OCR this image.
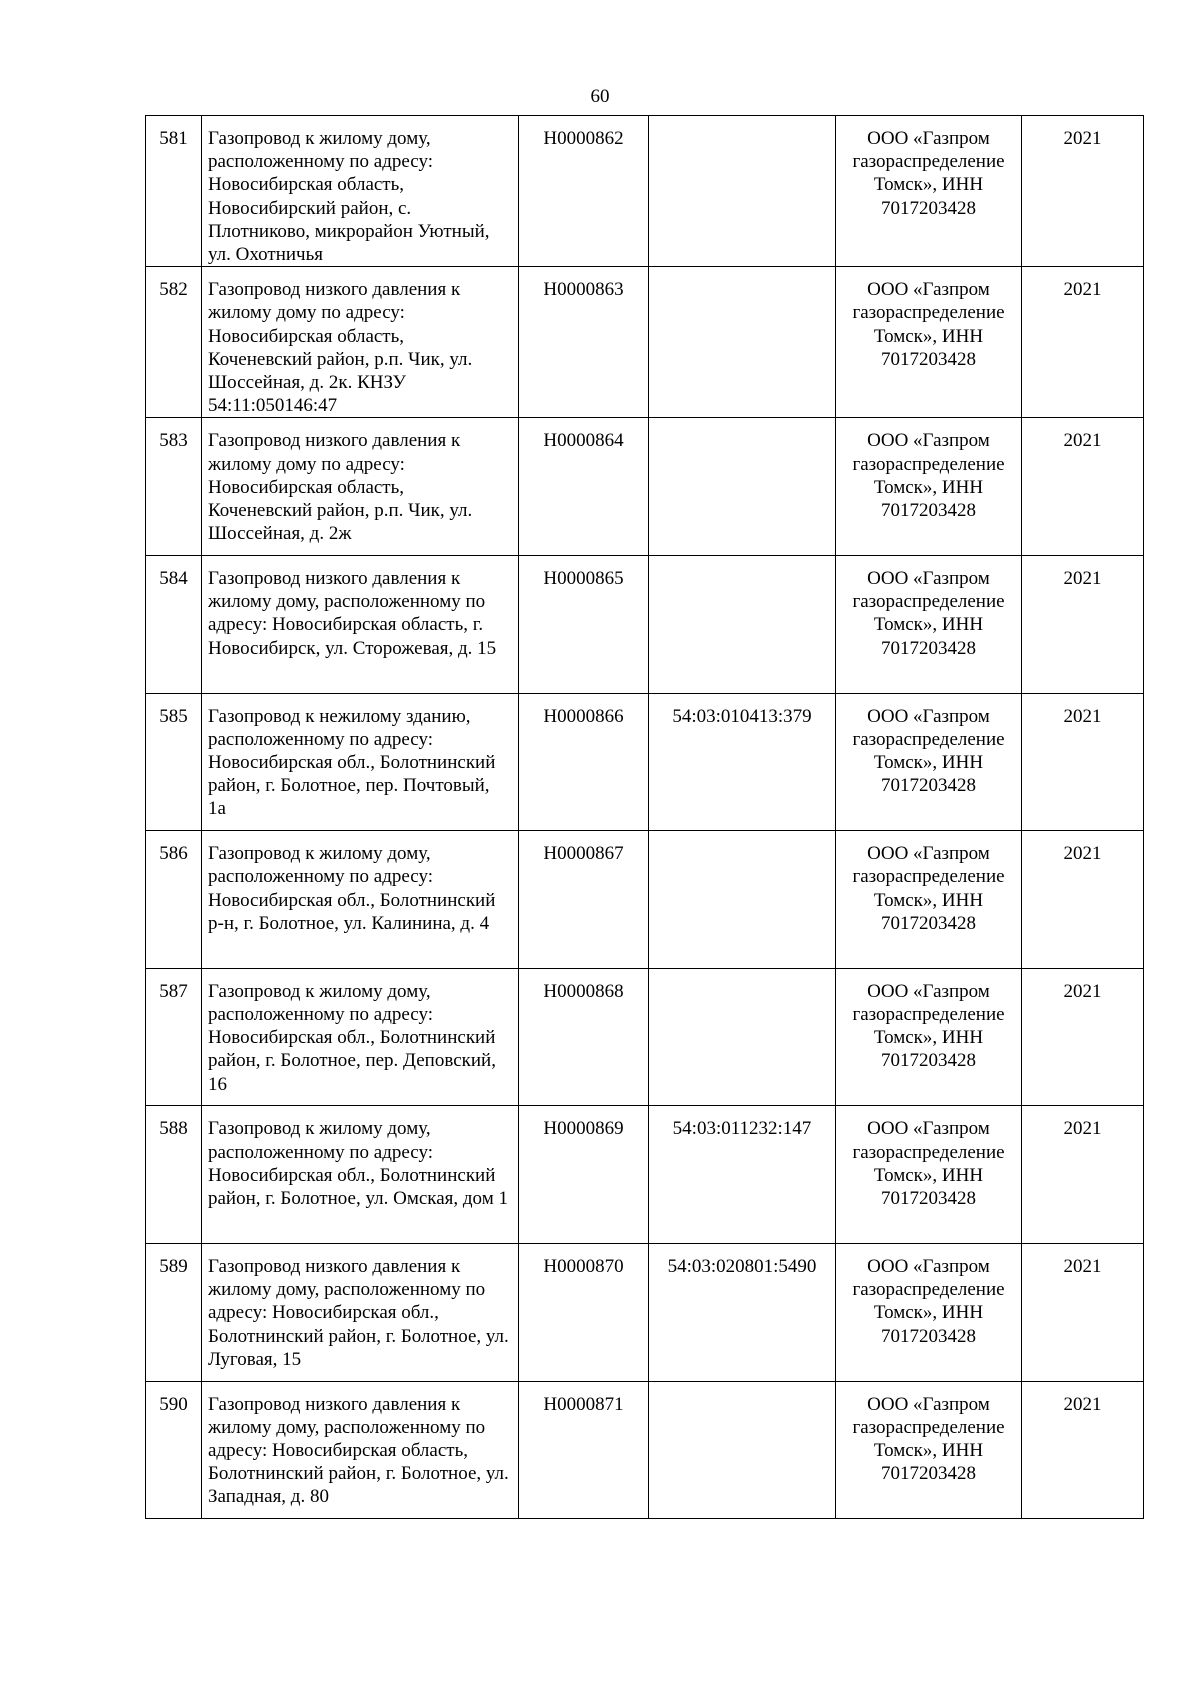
60
581	Газопровод к жилому дому, расположенному по адресу: Новосибирская область, Новосибирский район, с. Плотниково, микрорайон Уютный, ул. Охотничья	Н0000862		ООО «Газпром газораспределение Томск», ИНН 7017203428	2021
582	Газопровод низкого давления к жилому дому по адресу: Новосибирская область, Коченевский район, р.п. Чик, ул. Шоссейная, д. 2к. КНЗУ 54:11:050146:47	Н0000863		ООО «Газпром газораспределение Томск», ИНН 7017203428	2021
583	Газопровод низкого давления к жилому дому по адресу: Новосибирская область, Коченевский район, р.п. Чик, ул. Шоссейная, д. 2ж	Н0000864		ООО «Газпром газораспределение Томск», ИНН 7017203428	2021
584	Газопровод низкого давления к жилому дому, расположенному по адресу: Новосибирская область, г. Новосибирск, ул. Сторожевая, д. 15	Н0000865		ООО «Газпром газораспределение Томск», ИНН 7017203428	2021
585	Газопровод к нежилому зданию, расположенному по адресу: Новосибирская обл., Болотнинский район, г. Болотное, пер. Почтовый, 1а	Н0000866	54:03:010413:379	ООО «Газпром газораспределение Томск», ИНН 7017203428	2021
586	Газопровод к жилому дому, расположенному по адресу: Новосибирская обл., Болотнинский р-н, г. Болотное, ул. Калинина, д. 4	Н0000867		ООО «Газпром газораспределение Томск», ИНН 7017203428	2021
587	Газопровод к жилому дому, расположенному по адресу: Новосибирская обл., Болотнинский район, г. Болотное, пер. Деповский, 16	Н0000868		ООО «Газпром газораспределение Томск», ИНН 7017203428	2021
588	Газопровод к жилому дому, расположенному по адресу: Новосибирская обл., Болотнинский район, г. Болотное, ул. Омская, дом 1	Н0000869	54:03:011232:147	ООО «Газпром газораспределение Томск», ИНН 7017203428	2021
589	Газопровод низкого давления к жилому дому, расположенному по адресу: Новосибирская обл., Болотнинский район, г. Болотное, ул. Луговая, 15	Н0000870	54:03:020801:5490	ООО «Газпром газораспределение Томск», ИНН 7017203428	2021
590	Газопровод низкого давления к жилому дому, расположенному по адресу: Новосибирская область, Болотнинский район, г. Болотное, ул. Западная, д. 80	Н0000871		ООО «Газпром газораспределение Томск», ИНН 7017203428	2021
